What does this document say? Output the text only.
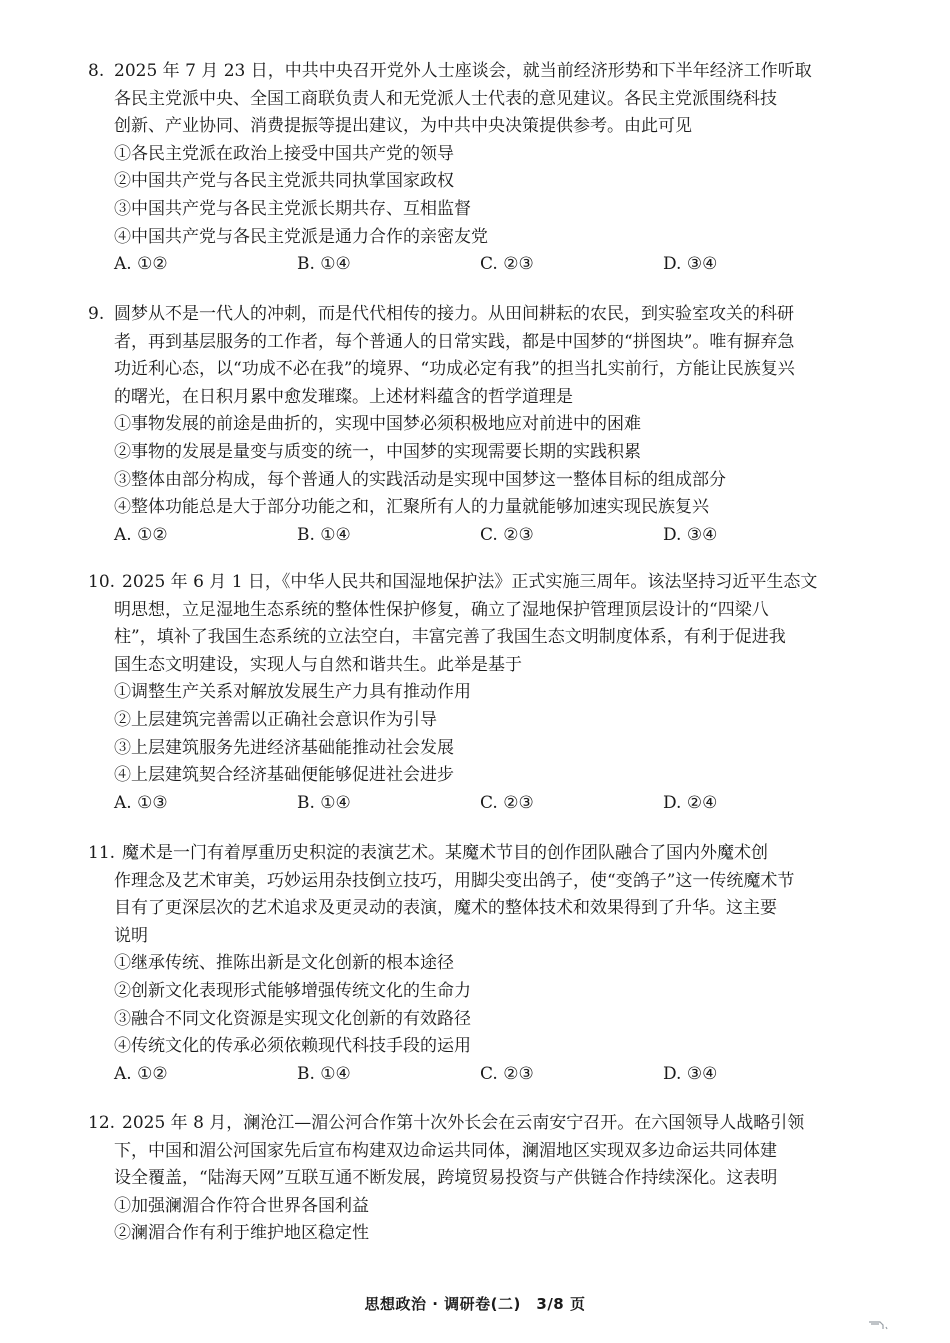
8. 2025 年 7 月 23 日，中共中央召开党外人士座谈会，就当前经济形势和下半年经济工作听取
各民主党派中央、全国工商联负责人和无党派人士代表的意见建议。各民主党派围绕科技
创新、产业协同、消费提振等提出建议，为中共中央决策提供参考。由此可见
①各民主党派在政治上接受中国共产党的领导
②中国共产党与各民主党派共同执掌国家政权
③中国共产党与各民主党派长期共存、互相监督
④中国共产党与各民主党派是通力合作的亲密友党
A. ①②	B. ①④	C. ②③	D. ③④
9. 圆梦从不是一代人的冲刺，而是代代相传的接力。从田间耕耘的农民，到实验室攻关的科研
者，再到基层服务的工作者，每个普通人的日常实践，都是中国梦的“拼图块”。唯有摒弃急
功近利心态，以“功成不必在我”的境界、“功成必定有我”的担当扎实前行，方能让民族复兴
的曙光，在日积月累中愈发璀璨。上述材料蕴含的哲学道理是
①事物发展的前途是曲折的，实现中国梦必须积极地应对前进中的困难
②事物的发展是量变与质变的统一，中国梦的实现需要长期的实践积累
③整体由部分构成，每个普通人的实践活动是实现中国梦这一整体目标的组成部分
④整体功能总是大于部分功能之和，汇聚所有人的力量就能够加速实现民族复兴
A. ①②	B. ①④	C. ②③	D. ③④
10. 2025 年 6 月 1 日，《中华人民共和国湿地保护法》正式实施三周年。该法坚持习近平生态文
明思想，立足湿地生态系统的整体性保护修复，确立了湿地保护管理顶层设计的“四梁八
柱”，填补了我国生态系统的立法空白，丰富完善了我国生态文明制度体系，有利于促进我
国生态文明建设，实现人与自然和谐共生。此举是基于
①调整生产关系对解放发展生产力具有推动作用
②上层建筑完善需以正确社会意识作为引导
③上层建筑服务先进经济基础能推动社会发展
④上层建筑契合经济基础便能够促进社会进步
A. ①③	B. ①④	C. ②③	D. ②④
11. 魔术是一门有着厚重历史积淀的表演艺术。某魔术节目的创作团队融合了国内外魔术创
作理念及艺术审美，巧妙运用杂技倒立技巧，用脚尖变出鸽子，使“变鸽子”这一传统魔术节
目有了更深层次的艺术追求及更灵动的表演，魔术的整体技术和效果得到了升华。这主要
说明
①继承传统、推陈出新是文化创新的根本途径
②创新文化表现形式能够增强传统文化的生命力
③融合不同文化资源是实现文化创新的有效路径
④传统文化的传承必须依赖现代科技手段的运用
A. ①②	B. ①④	C. ②③	D. ③④
12. 2025 年 8 月，澜沧江—湄公河合作第十次外长会在云南安宁召开。在六国领导人战略引领
下，中国和湄公河国家先后宣布构建双边命运共同体，澜湄地区实现双多边命运共同体建
设全覆盖，“陆海天网”互联互通不断发展，跨境贸易投资与产供链合作持续深化。这表明
①加强澜湄合作符合世界各国利益
②澜湄合作有利于维护地区稳定性
思想政治 · 调研卷(二)　3/8 页
